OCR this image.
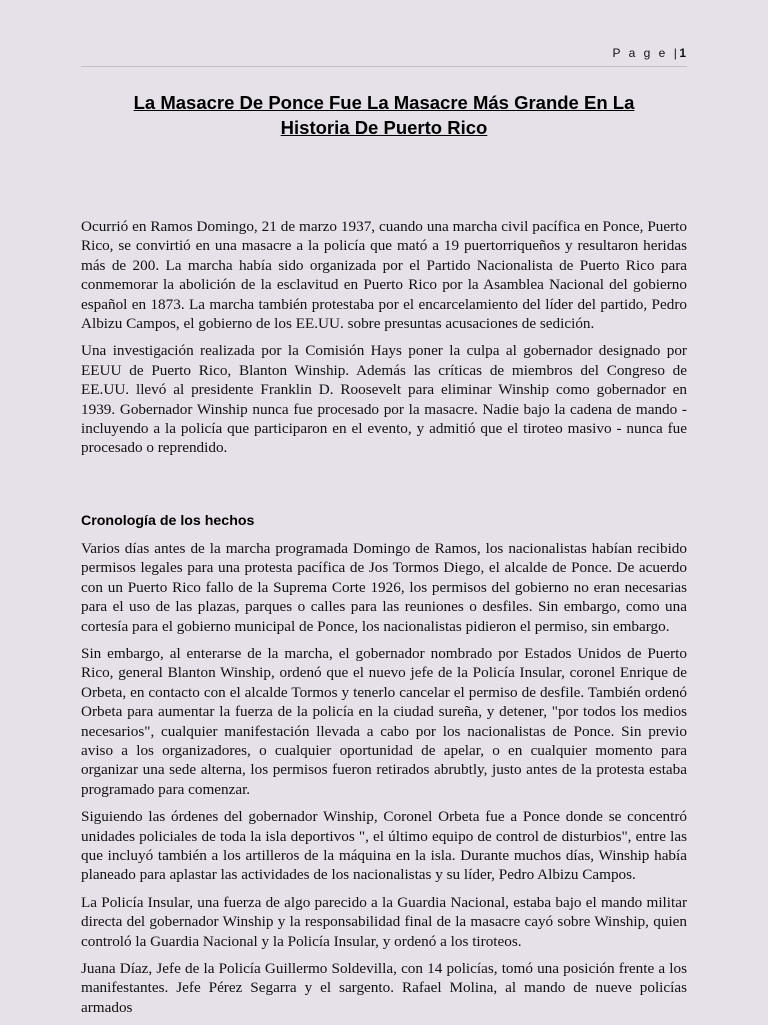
P a g e |1
La Masacre De Ponce Fue La Masacre Más Grande En La
Historia De Puerto Rico

Ocurrió en Ramos Domingo, 21 de marzo 1937, cuando una marcha civil pacífica en Ponce, Puerto Rico, se convirtió en una masacre a la policía que mató a 19 puertorriqueños y resultaron heridas más de 200. La marcha había sido organizada por el Partido Nacionalista de Puerto Rico para conmemorar la abolición de la esclavitud en Puerto Rico por la Asamblea Nacional del gobierno español en 1873. La marcha también protestaba por el encarcelamiento del líder del partido, Pedro Albizu Campos, el gobierno de los EE.UU. sobre presuntas acusaciones de sedición.

Una investigación realizada por la Comisión Hays poner la culpa al gobernador designado por EEUU de Puerto Rico, Blanton Winship. Además las críticas de miembros del Congreso de EE.UU. llevó al presidente Franklin D. Roosevelt para eliminar Winship como gobernador en 1939. Gobernador Winship nunca fue procesado por la masacre. Nadie bajo la cadena de mando - incluyendo a la policía que participaron en el evento, y admitió que el tiroteo masivo - nunca fue procesado o reprendido.

Cronología de los hechos

Varios días antes de la marcha programada Domingo de Ramos, los nacionalistas habían recibido permisos legales para una protesta pacífica de Jos Tormos Diego, el alcalde de Ponce. De acuerdo con un Puerto Rico fallo de la Suprema Corte 1926, los permisos del gobierno no eran necesarias para el uso de las plazas, parques o calles para las reuniones o desfiles. Sin embargo, como una cortesía para el gobierno municipal de Ponce, los nacionalistas pidieron el permiso, sin embargo.

Sin embargo, al enterarse de la marcha, el gobernador nombrado por Estados Unidos de Puerto Rico, general Blanton Winship, ordenó que el nuevo jefe de la Policía Insular, coronel Enrique de Orbeta, en contacto con el alcalde Tormos y tenerlo cancelar el permiso de desfile. También ordenó Orbeta para aumentar la fuerza de la policía en la ciudad sureña, y detener, "por todos los medios necesarios", cualquier manifestación llevada a cabo por los nacionalistas de Ponce. Sin previo aviso a los organizadores, o cualquier oportunidad de apelar, o en cualquier momento para organizar una sede alterna, los permisos fueron retirados abrubtly, justo antes de la protesta estaba programado para comenzar.

Siguiendo las órdenes del gobernador Winship, Coronel Orbeta fue a Ponce donde se concentró unidades policiales de toda la isla deportivos ", el último equipo de control de disturbios", entre las que incluyó también a los artilleros de la máquina en la isla. Durante muchos días, Winship había planeado para aplastar las actividades de los nacionalistas y su líder, Pedro Albizu Campos.

La Policía Insular, una fuerza de algo parecido a la Guardia Nacional, estaba bajo el mando militar directa del gobernador Winship y la responsabilidad final de la masacre cayó sobre Winship, quien controló la Guardia Nacional y la Policía Insular, y ordenó a los tiroteos.

Juana Díaz, Jefe de la Policía Guillermo Soldevilla, con 14 policías, tomó una posición frente a los manifestantes. Jefe Pérez Segarra y el sargento. Rafael Molina, al mando de nueve policías armados
